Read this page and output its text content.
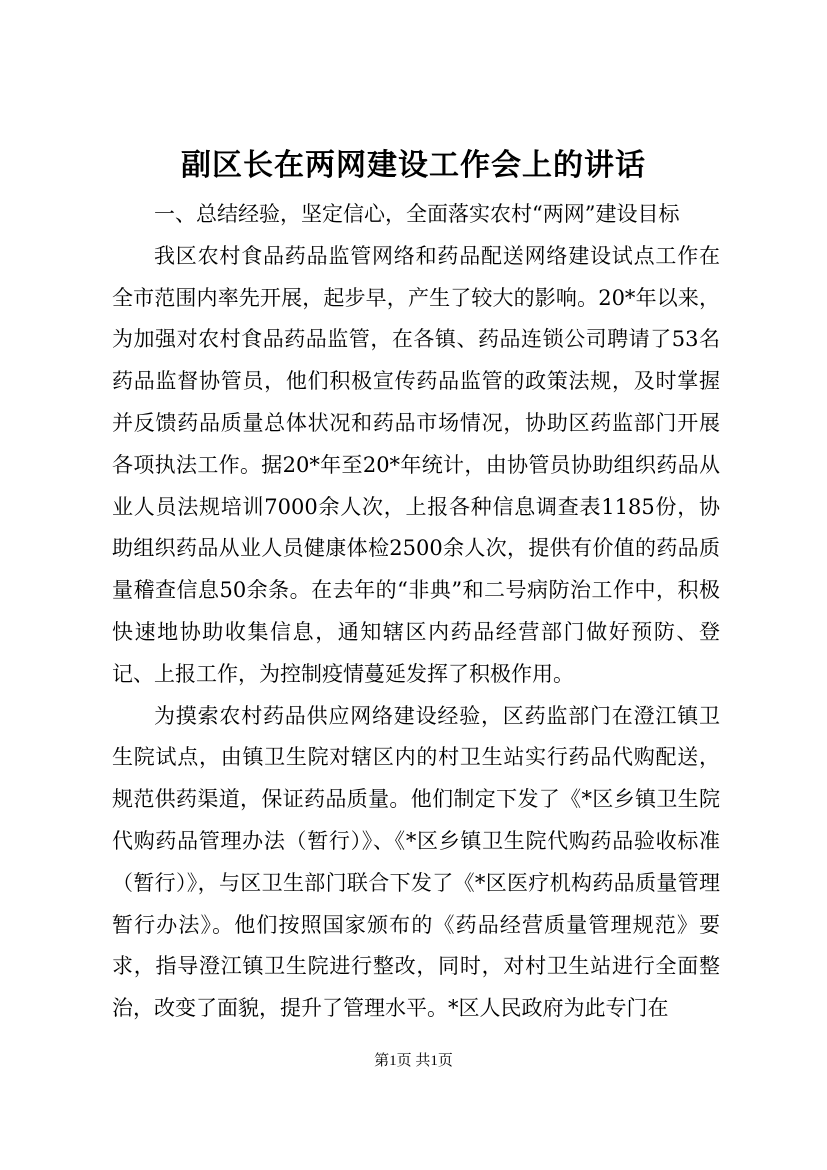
副区长在两网建设工作会上的讲话

一、总结经验，坚定信心，全面落实农村“两网”建设目标

我区农村食品药品监管网络和药品配送网络建设试点工作在全市范围内率先开展，起步早，产生了较大的影响。20*年以来，为加强对农村食品药品监管，在各镇、药品连锁公司聘请了53名药品监督协管员，他们积极宣传药品监管的政策法规，及时掌握并反馈药品质量总体状况和药品市场情况，协助区药监部门开展各项执法工作。据20*年至20*年统计，由协管员协助组织药品从业人员法规培训7000余人次，上报各种信息调查表1185份，协助组织药品从业人员健康体检2500余人次，提供有价值的药品质量稽查信息50余条。在去年的“非典”和二号病防治工作中，积极快速地协助收集信息，通知辖区内药品经营部门做好预防、登记、上报工作，为控制疫情蔓延发挥了积极作用。

为摸索农村药品供应网络建设经验，区药监部门在澄江镇卫生院试点，由镇卫生院对辖区内的村卫生站实行药品代购配送，规范供药渠道，保证药品质量。他们制定下发了《*区乡镇卫生院代购药品管理办法（暂行）》、《*区乡镇卫生院代购药品验收标准（暂行）》，与区卫生部门联合下发了《*区医疗机构药品质量管理暂行办法》。他们按照国家颁布的《药品经营质量管理规范》要求，指导澄江镇卫生院进行整改，同时，对村卫生站进行全面整治，改变了面貌，提升了管理水平。*区人民政府为此专门在

第1页 共1页
